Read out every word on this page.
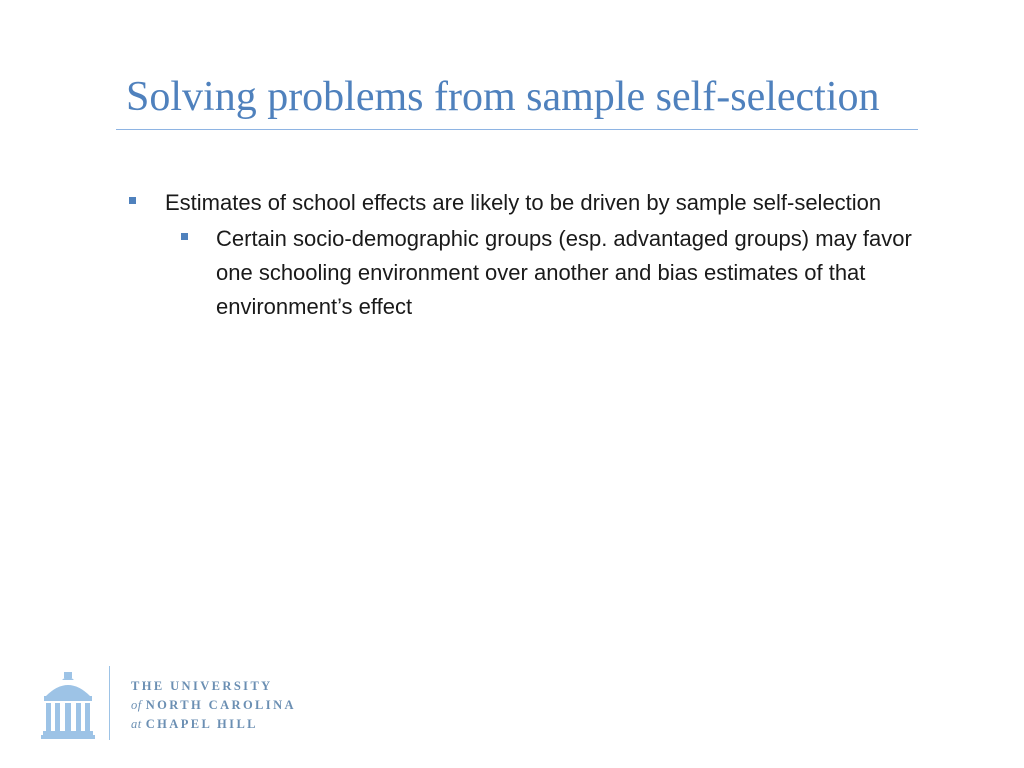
Solving problems from sample self-selection
Estimates of school effects are likely to be driven by sample self-selection
Certain socio-demographic groups (esp. advantaged groups) may favor one schooling environment over another and bias estimates of that environment’s effect
THE UNIVERSITY
of NORTH CAROLINA
at CHAPEL HILL
